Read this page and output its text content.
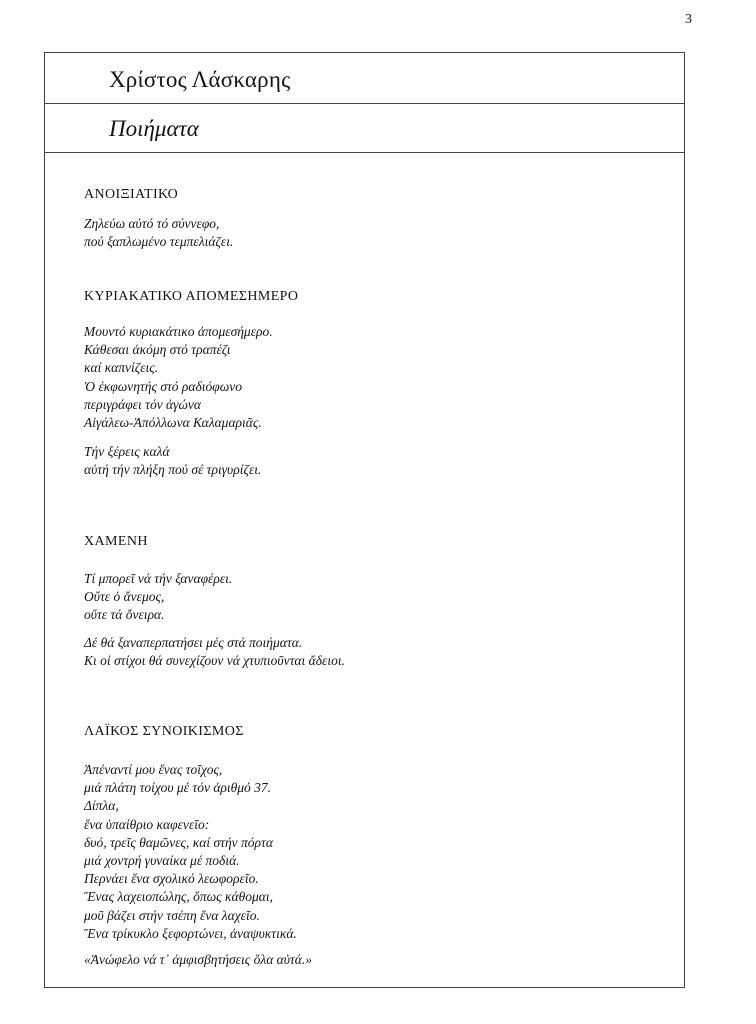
3
Χρίστος Λάσκαρης
Ποιήματα
ΑΝΟΙΞΙΑΤΙΚΟ
Ζηλεύω αὐτό τό σύννεφο,
πού ξαπλωμένο τεμπελιάζει.
ΚΥΡΙΑΚΑΤΙΚΟ ΑΠΟΜΕΣΗΜΕΡΟ
Μουντό κυριακάτικο ἀπομεσήμερο.
Κάθεσαι ἀκόμη στό τραπέζι
καί καπνίζεις.
Ὁ ἐκφωνητής στό ραδιόφωνο
περιγράφει τόν ἀγώνα
Αἰγάλεω-Ἀπόλλωνα Καλαμαριᾶς.
Τήν ξέρεις καλά
αὐτή τήν πλήξη πού σέ τριγυρίζει.
ΧΑΜΕΝΗ
Τί μπορεῖ νά τήν ξαναφέρει.
Οὔτε ὁ ἄνεμος,
οὔτε τά ὄνειρα.
Δέ θά ξαναπερπατήσει μές στά ποιήματα.
Κι οἱ στίχοι θά συνεχίζουν νά χτυπιοῦνται ἄδειοι.
ΛΑΪΚΟΣ ΣΥΝΟΙΚΙΣΜΟΣ
Ἀπέναντί μου ἕνας τοῖχος,
μιά πλάτη τοίχου μέ τόν ἀριθμό 37.
Δίπλα,
ἕνα ὑπαίθριο καφενεῖο:
δυό, τρεῖς θαμῶνες, καί στήν πόρτα
μιά χοντρή γυναίκα μέ ποδιά.
Περνάει ἕνα σχολικό λεωφορεῖο.
Ἕνας λαχειοπώλης, ὅπως κάθομαι,
μοῦ βάζει στήν τσέπη ἕνα λαχεῖο.
Ἕνα τρίκυκλο ξεφορτώνει, ἀναψυκτικά.
«Ἀνώφελο νά τ᾽ ἀμφισβητήσεις ὅλα αὐτά.»
